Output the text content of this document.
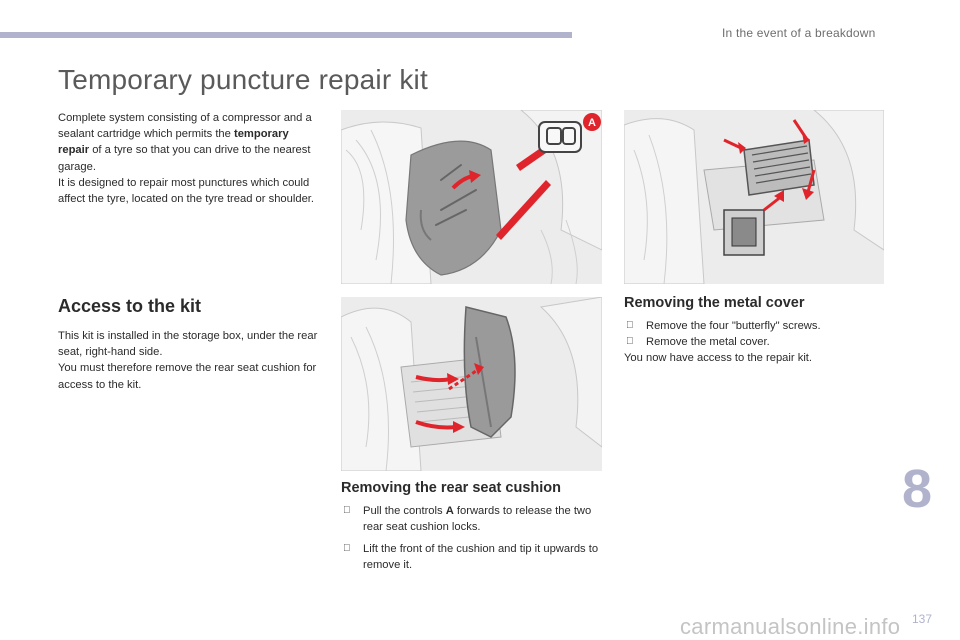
In the event of a breakdown
Temporary puncture repair kit

Complete system consisting of a compressor and a sealant cartridge which permits the temporary repair of a tyre so that you can drive to the nearest garage.

It is designed to repair most punctures which could affect the tyre, located on the tyre tread or shoulder.

Access to the kit

This kit is installed in the storage box, under the rear seat, right-hand side.

You must therefore remove the rear seat cushion for access to the kit.

A
Removing the rear seat cushion
Pull the controls A forwards to release the two rear seat cushion locks.
Lift the front of the cushion and tip it upwards to remove it.
Removing the metal cover
Remove the four "butterfly" screws.
Remove the metal cover.

You now have access to the repair kit.

8
carmanualsonline.info 137
